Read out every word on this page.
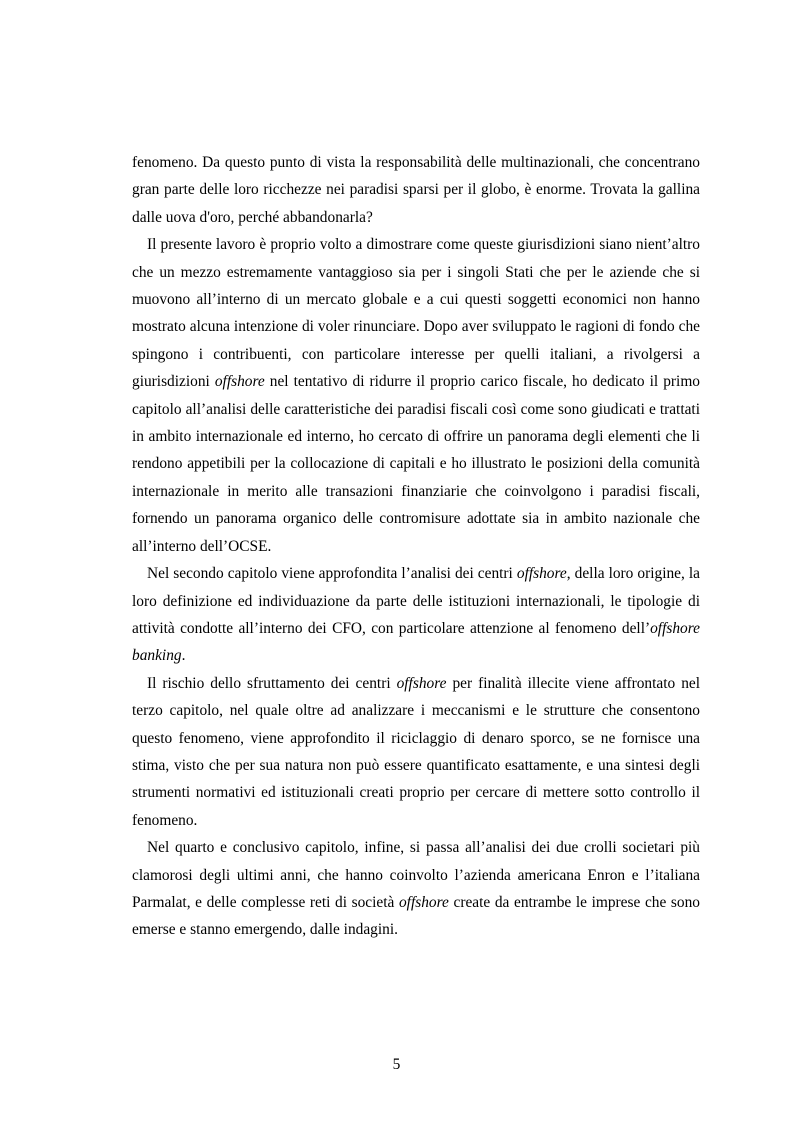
fenomeno. Da questo punto di vista la responsabilità delle multinazionali, che concentrano gran parte delle loro ricchezze nei paradisi sparsi per il globo, è enorme. Trovata la gallina dalle uova d'oro, perché abbandonarla?

Il presente lavoro è proprio volto a dimostrare come queste giurisdizioni siano nient’altro che un mezzo estremamente vantaggioso sia per i singoli Stati che per le aziende che si muovono all’interno di un mercato globale e a cui questi soggetti economici non hanno mostrato alcuna intenzione di voler rinunciare. Dopo aver sviluppato le ragioni di fondo che spingono i contribuenti, con particolare interesse per quelli italiani, a rivolgersi a giurisdizioni offshore nel tentativo di ridurre il proprio carico fiscale, ho dedicato il primo capitolo all’analisi delle caratteristiche dei paradisi fiscali così come sono giudicati e trattati in ambito internazionale ed interno, ho cercato di offrire un panorama degli elementi che li rendono appetibili per la collocazione di capitali e ho illustrato le posizioni della comunità internazionale in merito alle transazioni finanziarie che coinvolgono i paradisi fiscali, fornendo un panorama organico delle contromisure adottate sia in ambito nazionale che all’interno dell’OCSE.

Nel secondo capitolo viene approfondita l’analisi dei centri offshore, della loro origine, la loro definizione ed individuazione da parte delle istituzioni internazionali, le tipologie di attività condotte all’interno dei CFO, con particolare attenzione al fenomeno dell’offshore banking.

Il rischio dello sfruttamento dei centri offshore per finalità illecite viene affrontato nel terzo capitolo, nel quale oltre ad analizzare i meccanismi e le strutture che consentono questo fenomeno, viene approfondito il riciclaggio di denaro sporco, se ne fornisce una stima, visto che per sua natura non può essere quantificato esattamente, e una sintesi degli strumenti normativi ed istituzionali creati proprio per cercare di mettere sotto controllo il fenomeno.

Nel quarto e conclusivo capitolo, infine, si passa all’analisi dei due crolli societari più clamorosi degli ultimi anni, che hanno coinvolto l’azienda americana Enron e l’italiana Parmalat, e delle complesse reti di società offshore create da entrambe le imprese che sono emerse e stanno emergendo, dalle indagini.

5
